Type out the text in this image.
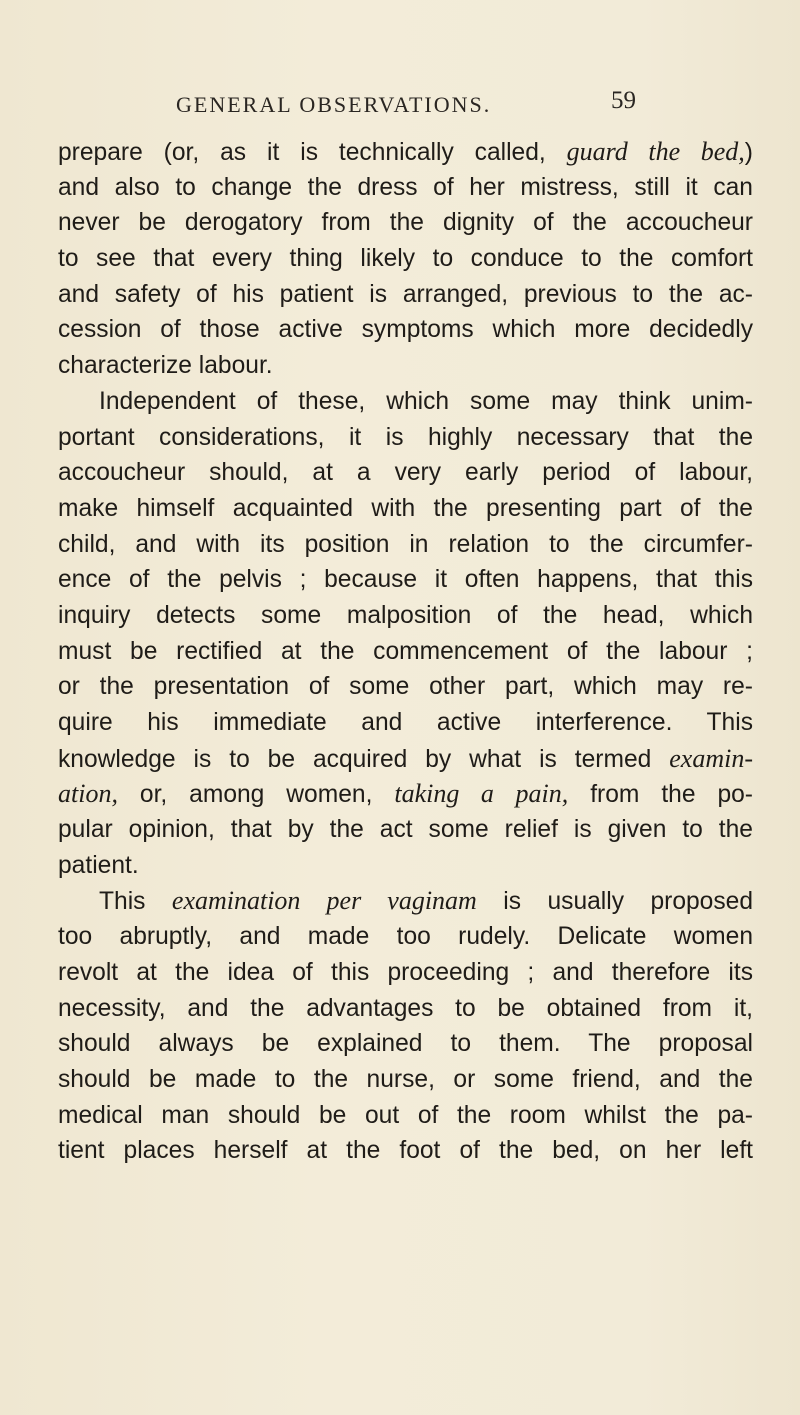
GENERAL OBSERVATIONS.	59
prepare (or, as it is technically called, guard the bed,)
and also to change the dress of her mistress, still it can
never be derogatory from the dignity of the accoucheur
to see that every thing likely to conduce to the comfort
and safety of his patient is arranged, previous to the ac-
cession of those active symptoms which more decidedly
characterize labour.
Independent of these, which some may think unim-
portant considerations, it is highly necessary that the
accoucheur should, at a very early period of labour,
make himself acquainted with the presenting part of the
child, and with its position in relation to the circumfer-
ence of the pelvis ; because it often happens, that this
inquiry detects some malposition of the head, which
must be rectified at the commencement of the labour ;
or the presentation of some other part, which may re-
quire his immediate and active interference. This
knowledge is to be acquired by what is termed examin-
ation, or, among women, taking a pain, from the po-
pular opinion, that by the act some relief is given to the
patient.
This examination per vaginam is usually proposed
too abruptly, and made too rudely. Delicate women
revolt at the idea of this proceeding ; and therefore its
necessity, and the advantages to be obtained from it,
should always be explained to them. The proposal
should be made to the nurse, or some friend, and the
medical man should be out of the room whilst the pa-
tient places herself at the foot of the bed, on her left
